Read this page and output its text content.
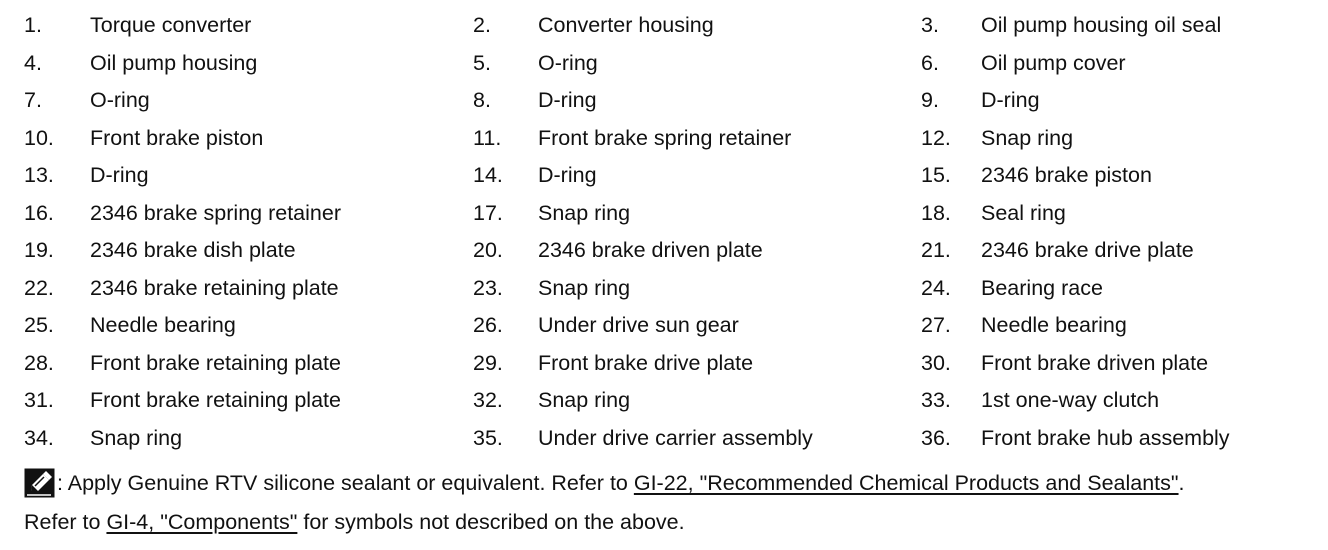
1. Torque converter	2. Converter housing	3. Oil pump housing oil seal
4. Oil pump housing	5. O-ring	6. Oil pump cover
7. O-ring	8. D-ring	9. D-ring
10. Front brake piston	11. Front brake spring retainer	12. Snap ring
13. D-ring	14. D-ring	15. 2346 brake piston
16. 2346 brake spring retainer	17. Snap ring	18. Seal ring
19. 2346 brake dish plate	20. 2346 brake driven plate	21. 2346 brake drive plate
22. 2346 brake retaining plate	23. Snap ring	24. Bearing race
25. Needle bearing	26. Under drive sun gear	27. Needle bearing
28. Front brake retaining plate	29. Front brake drive plate	30. Front brake driven plate
31. Front brake retaining plate	32. Snap ring	33. 1st one-way clutch
34. Snap ring	35. Under drive carrier assembly	36. Front brake hub assembly
: Apply Genuine RTV silicone sealant or equivalent. Refer to GI-22, "Recommended Chemical Products and Sealants".
Refer to GI-4, "Components" for symbols not described on the above.
